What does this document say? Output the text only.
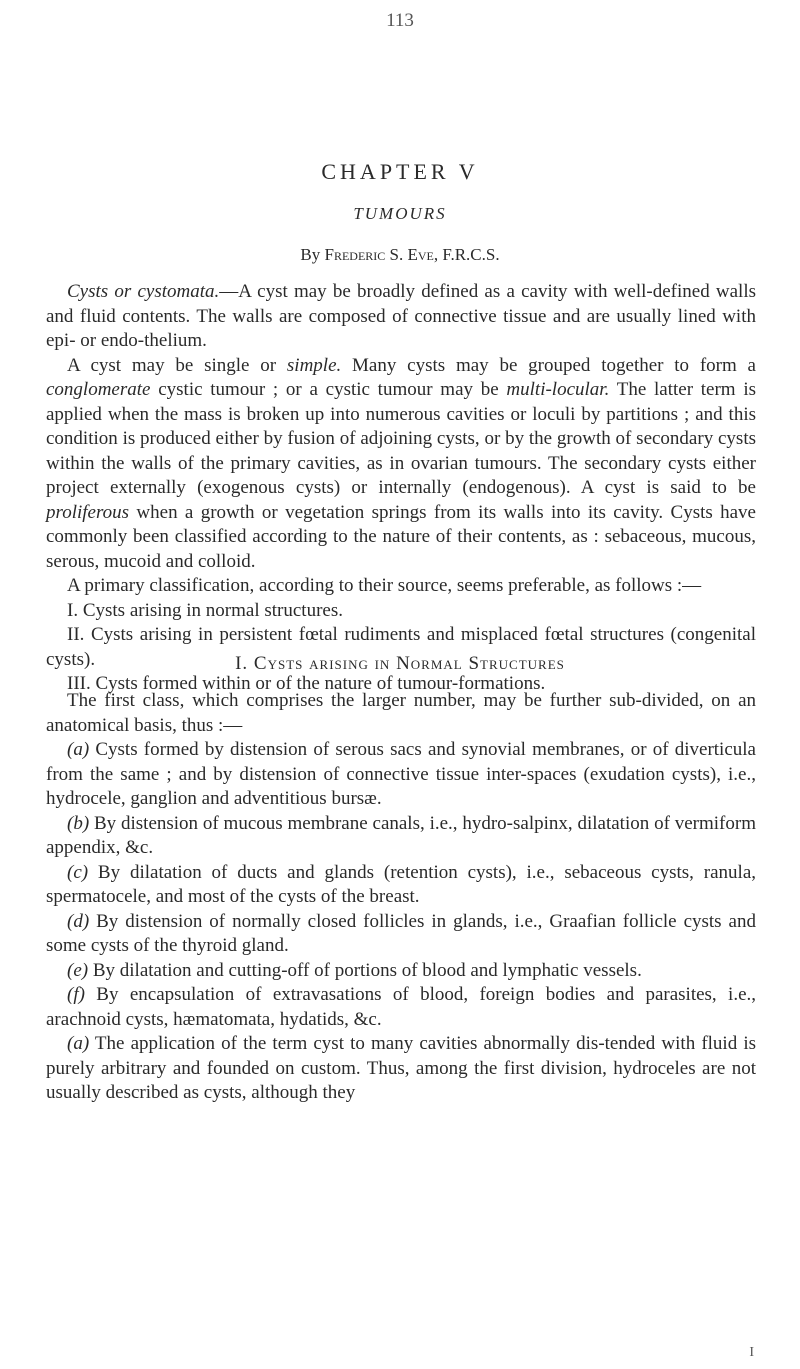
113
CHAPTER V
TUMOURS
By Frederic S. Eve, F.R.C.S.

Cysts or cystomata.—A cyst may be broadly defined as a cavity with well-defined walls and fluid contents. The walls are composed of connective tissue and are usually lined with epi- or endo-thelium.

A cyst may be single or simple. Many cysts may be grouped together to form a conglomerate cystic tumour ; or a cystic tumour may be multi-locular. The latter term is applied when the mass is broken up into numerous cavities or loculi by partitions ; and this condition is produced either by fusion of adjoining cysts, or by the growth of secondary cysts within the walls of the primary cavities, as in ovarian tumours. The secondary cysts either project externally (exogenous cysts) or internally (endogenous). A cyst is said to be proliferous when a growth or vegetation springs from its walls into its cavity. Cysts have commonly been classified according to the nature of their contents, as : sebaceous, mucous, serous, mucoid and colloid.

A primary classification, according to their source, seems preferable, as follows :—

I. Cysts arising in normal structures.

II. Cysts arising in persistent fœtal rudiments and misplaced fœtal structures (congenital cysts).

III. Cysts formed within or of the nature of tumour-formations.

I. Cysts arising in Normal Structures

The first class, which comprises the larger number, may be further sub-divided, on an anatomical basis, thus :—

(a) Cysts formed by distension of serous sacs and synovial membranes, or of diverticula from the same ; and by distension of connective tissue inter-spaces (exudation cysts), i.e., hydrocele, ganglion and adventitious bursæ.

(b) By distension of mucous membrane canals, i.e., hydro-salpinx, dilatation of vermiform appendix, &c.

(c) By dilatation of ducts and glands (retention cysts), i.e., sebaceous cysts, ranula, spermatocele, and most of the cysts of the breast.

(d) By distension of normally closed follicles in glands, i.e., Graafian follicle cysts and some cysts of the thyroid gland.

(e) By dilatation and cutting-off of portions of blood and lymphatic vessels.

(f) By encapsulation of extravasations of blood, foreign bodies and parasites, i.e., arachnoid cysts, hæmatomata, hydatids, &c.

(a) The application of the term cyst to many cavities abnormally dis-tended with fluid is purely arbitrary and founded on custom. Thus, among the first division, hydroceles are not usually described as cysts, although they

I
